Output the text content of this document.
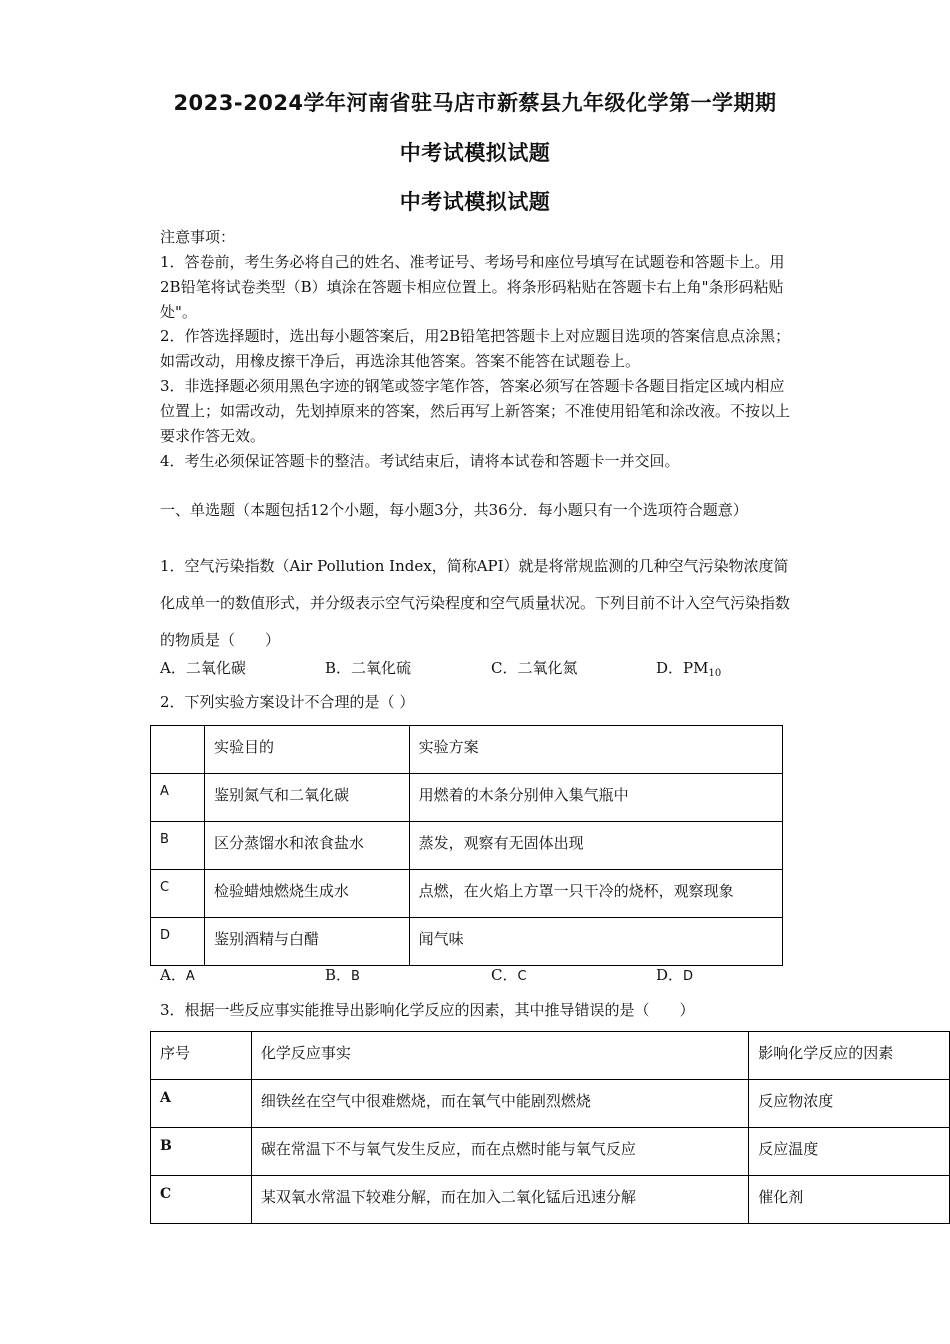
2023-2024学年河南省驻马店市新蔡县九年级化学第一学期期
中考试模拟试题
中考试模拟试题
注意事项：
1．答卷前，考生务必将自己的姓名、准考证号、考场号和座位号填写在试题卷和答题卡上。用2B铅笔将试卷类型（B）填涂在答题卡相应位置上。将条形码粘贴在答题卡右上角"条形码粘贴处"。
2．作答选择题时，选出每小题答案后，用2B铅笔把答题卡上对应题目选项的答案信息点涂黑；如需改动，用橡皮擦干净后，再选涂其他答案。答案不能答在试题卷上。
3．非选择题必须用黑色字迹的钢笔或签字笔作答，答案必须写在答题卡各题目指定区域内相应位置上；如需改动，先划掉原来的答案，然后再写上新答案；不准使用铅笔和涂改液。不按以上要求作答无效。
4．考生必须保证答题卡的整洁。考试结束后，请将本试卷和答题卡一并交回。
一、单选题（本题包括12个小题，每小题3分，共36分．每小题只有一个选项符合题意）
1．空气污染指数（Air Pollution Index，简称API）就是将常规监测的几种空气污染物浓度简化成单一的数值形式，并分级表示空气污染程度和空气质量状况。下列目前不计入空气污染指数的物质是（　　）
A．二氧化碳	B．二氧化硫	C．二氧化氮	D．$PM_{10}$
2．下列实验方案设计不合理的是（ ）
	实验目的	实验方案
A	鉴别氮气和二氧化碳	用燃着的木条分别伸入集气瓶中
B	区分蒸馏水和浓食盐水	蒸发，观察有无固体出现
C	检验蜡烛燃烧生成水	点燃，在火焰上方罩一只干冷的烧杯，观察现象
D	鉴别酒精与白醋	闻气味
A．A	B．B	C．C	D．D
3．根据一些反应事实能推导出影响化学反应的因素，其中推导错误的是（　　）
序号	化学反应事实	影响化学反应的因素
A	细铁丝在空气中很难燃烧，而在氧气中能剧烈燃烧	反应物浓度
B	碳在常温下不与氧气发生反应，而在点燃时能与氧气反应	反应温度
C	某双氧水常温下较难分解，而在加入二氧化锰后迅速分解	催化剂
